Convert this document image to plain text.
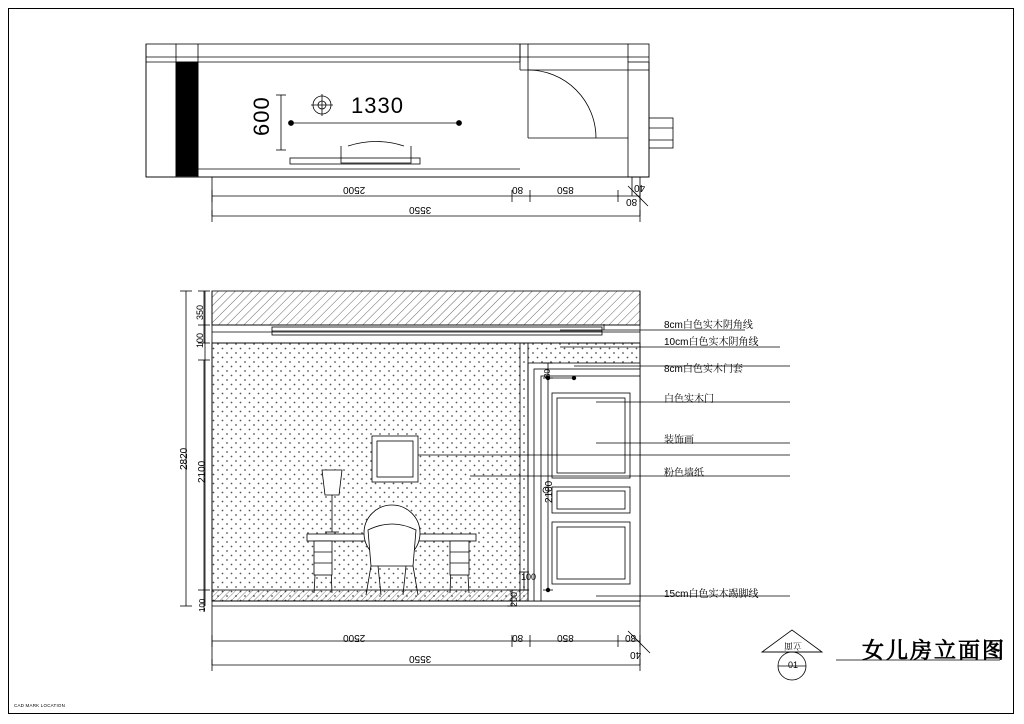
1330
600
2500	80	850	40
80
3550
350
100
2820
2100
100
80
2100
100
200
2500	80	850	80
40
3550
8cm白色实木阴角线
10cm白色实木阴角线
8cm白色实木门套
白色实木门
装饰画
粉色墙纸
15cm白色实木踢脚线
立面
01
女儿房立面图
CAD MARK LOCATION
